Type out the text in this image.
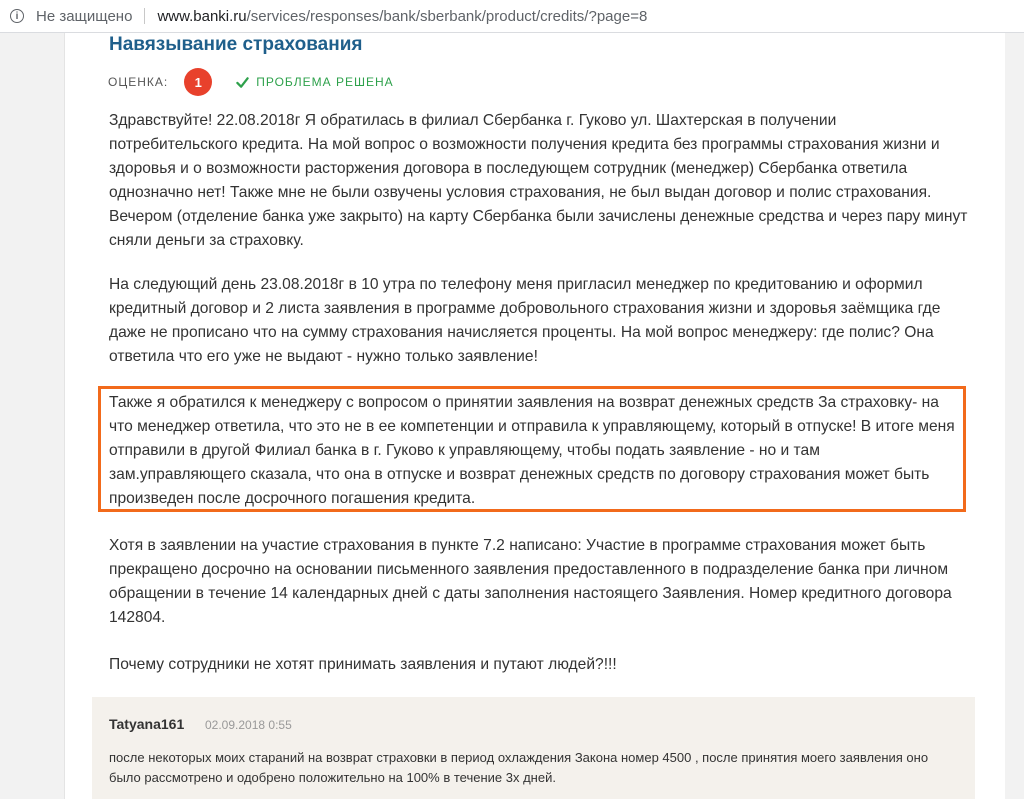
i	Не защищено www.banki.ru/services/responses/bank/sberbank/product/credits/?page=8
Навязывание страхования
ОЦЕНКА:	1	ПРОБЛЕМА РЕШЕНА

Здравствуйте! 22.08.2018г Я обратилась в филиал Сбербанка г. Гуково ул. Шахтерская в получении потребительского кредита. На мой вопрос о возможности получения кредита без программы страхования жизни и здоровья и о возможности расторжения договора в последующем сотрудник (менеджер) Сбербанка ответила однозначно нет! Также мне не были озвучены условия страхования, не был выдан договор и полис страхования. Вечером (отделение банка уже закрыто) на карту Сбербанка были зачислены денежные средства и через пару минут сняли деньги за страховку.

На следующий день 23.08.2018г в 10 утра по телефону меня пригласил менеджер по кредитованию и оформил кредитный договор и 2 листа заявления в программе добровольного страхования жизни и здоровья заёмщика где даже не прописано что на сумму страхования начисляется проценты. На мой вопрос менеджеру: где полис? Она ответила что его уже не выдают - нужно только заявление!

Также я обратился к менеджеру с вопросом о принятии заявления на возврат денежных средств За страховку- на что менеджер ответила, что это не в ее компетенции и отправила к управляющему, который в отпуске! В итоге меня отправили в другой Филиал банка в г. Гуково к управляющему, чтобы подать заявление - но и там зам.управляющего сказала, что она в отпуске и возврат денежных средств по договору страхования может быть произведен после досрочного погашения кредита.

Хотя в заявлении на участие страхования в пункте 7.2 написано: Участие в программе страхования может быть прекращено досрочно на основании письменного заявления предоставленного в подразделение банка при личном обращении в течение 14 календарных дней с даты заполнения настоящего Заявления. Номер кредитного договора 142804.

Почему сотрудники не хотят принимать заявления и путают людей?!!!

Tatyana161 02.09.2018 0:55

после некоторых моих стараний на возврат страховки в период охлаждения Закона номер 4500 , после принятия моего заявления оно было рассмотрено и одобрено положительно на 100% в течение 3х дней.
